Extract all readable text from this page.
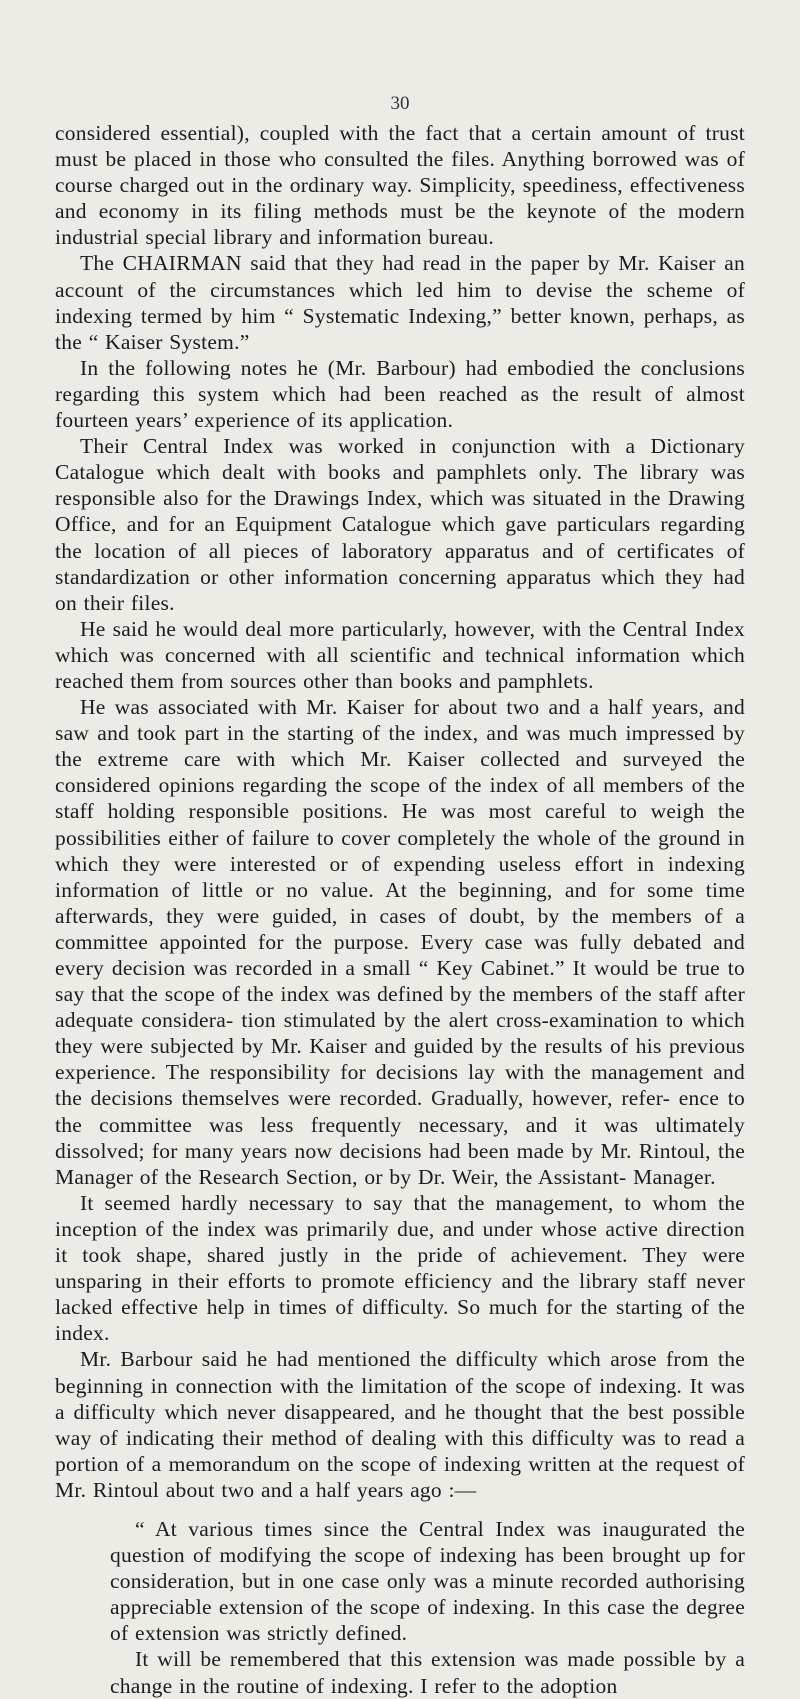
30

considered essential), coupled with the fact that a certain amount of trust must be placed in those who consulted the files. Anything borrowed was of course charged out in the ordinary way. Simplicity, speediness, effectiveness and economy in its filing methods must be the keynote of the modern industrial special library and information bureau.

The CHAIRMAN said that they had read in the paper by Mr. Kaiser an account of the circumstances which led him to devise the scheme of indexing termed by him “ Systematic Indexing,” better known, perhaps, as the “ Kaiser System.”

In the following notes he (Mr. Barbour) had embodied the conclusions regarding this system which had been reached as the result of almost fourteen years’ experience of its application.

Their Central Index was worked in conjunction with a Dictionary Catalogue which dealt with books and pamphlets only. The library was responsible also for the Drawings Index, which was situated in the Drawing Office, and for an Equipment Catalogue which gave particulars regarding the location of all pieces of laboratory apparatus and of certificates of standardization or other information concerning apparatus which they had on their files.

He said he would deal more particularly, however, with the Central Index which was concerned with all scientific and technical information which reached them from sources other than books and pamphlets.

He was associated with Mr. Kaiser for about two and a half years, and saw and took part in the starting of the index, and was much impressed by the extreme care with which Mr. Kaiser collected and surveyed the considered opinions regarding the scope of the index of all members of the staff holding responsible positions. He was most careful to weigh the possibilities either of failure to cover completely the whole of the ground in which they were interested or of expending useless effort in indexing information of little or no value. At the beginning, and for some time afterwards, they were guided, in cases of doubt, by the members of a committee appointed for the purpose. Every case was fully debated and every decision was recorded in a small “ Key Cabinet.” It would be true to say that the scope of the index was defined by the members of the staff after adequate considera- tion stimulated by the alert cross-examination to which they were subjected by Mr. Kaiser and guided by the results of his previous experience. The responsibility for decisions lay with the management and the decisions themselves were recorded. Gradually, however, refer- ence to the committee was less frequently necessary, and it was ultimately dissolved; for many years now decisions had been made by Mr. Rintoul, the Manager of the Research Section, or by Dr. Weir, the Assistant- Manager.

It seemed hardly necessary to say that the management, to whom the inception of the index was primarily due, and under whose active direction it took shape, shared justly in the pride of achievement. They were unsparing in their efforts to promote efficiency and the library staff never lacked effective help in times of difficulty. So much for the starting of the index.

Mr. Barbour said he had mentioned the difficulty which arose from the beginning in connection with the limitation of the scope of indexing. It was a difficulty which never disappeared, and he thought that the best possible way of indicating their method of dealing with this difficulty was to read a portion of a memorandum on the scope of indexing written at the request of Mr. Rintoul about two and a half years ago :—

“ At various times since the Central Index was inaugurated the question of modifying the scope of indexing has been brought up for consideration, but in one case only was a minute recorded authorising appreciable extension of the scope of indexing. In this case the degree of extension was strictly defined.

It will be remembered that this extension was made possible by a change in the routine of indexing. I refer to the adoption
